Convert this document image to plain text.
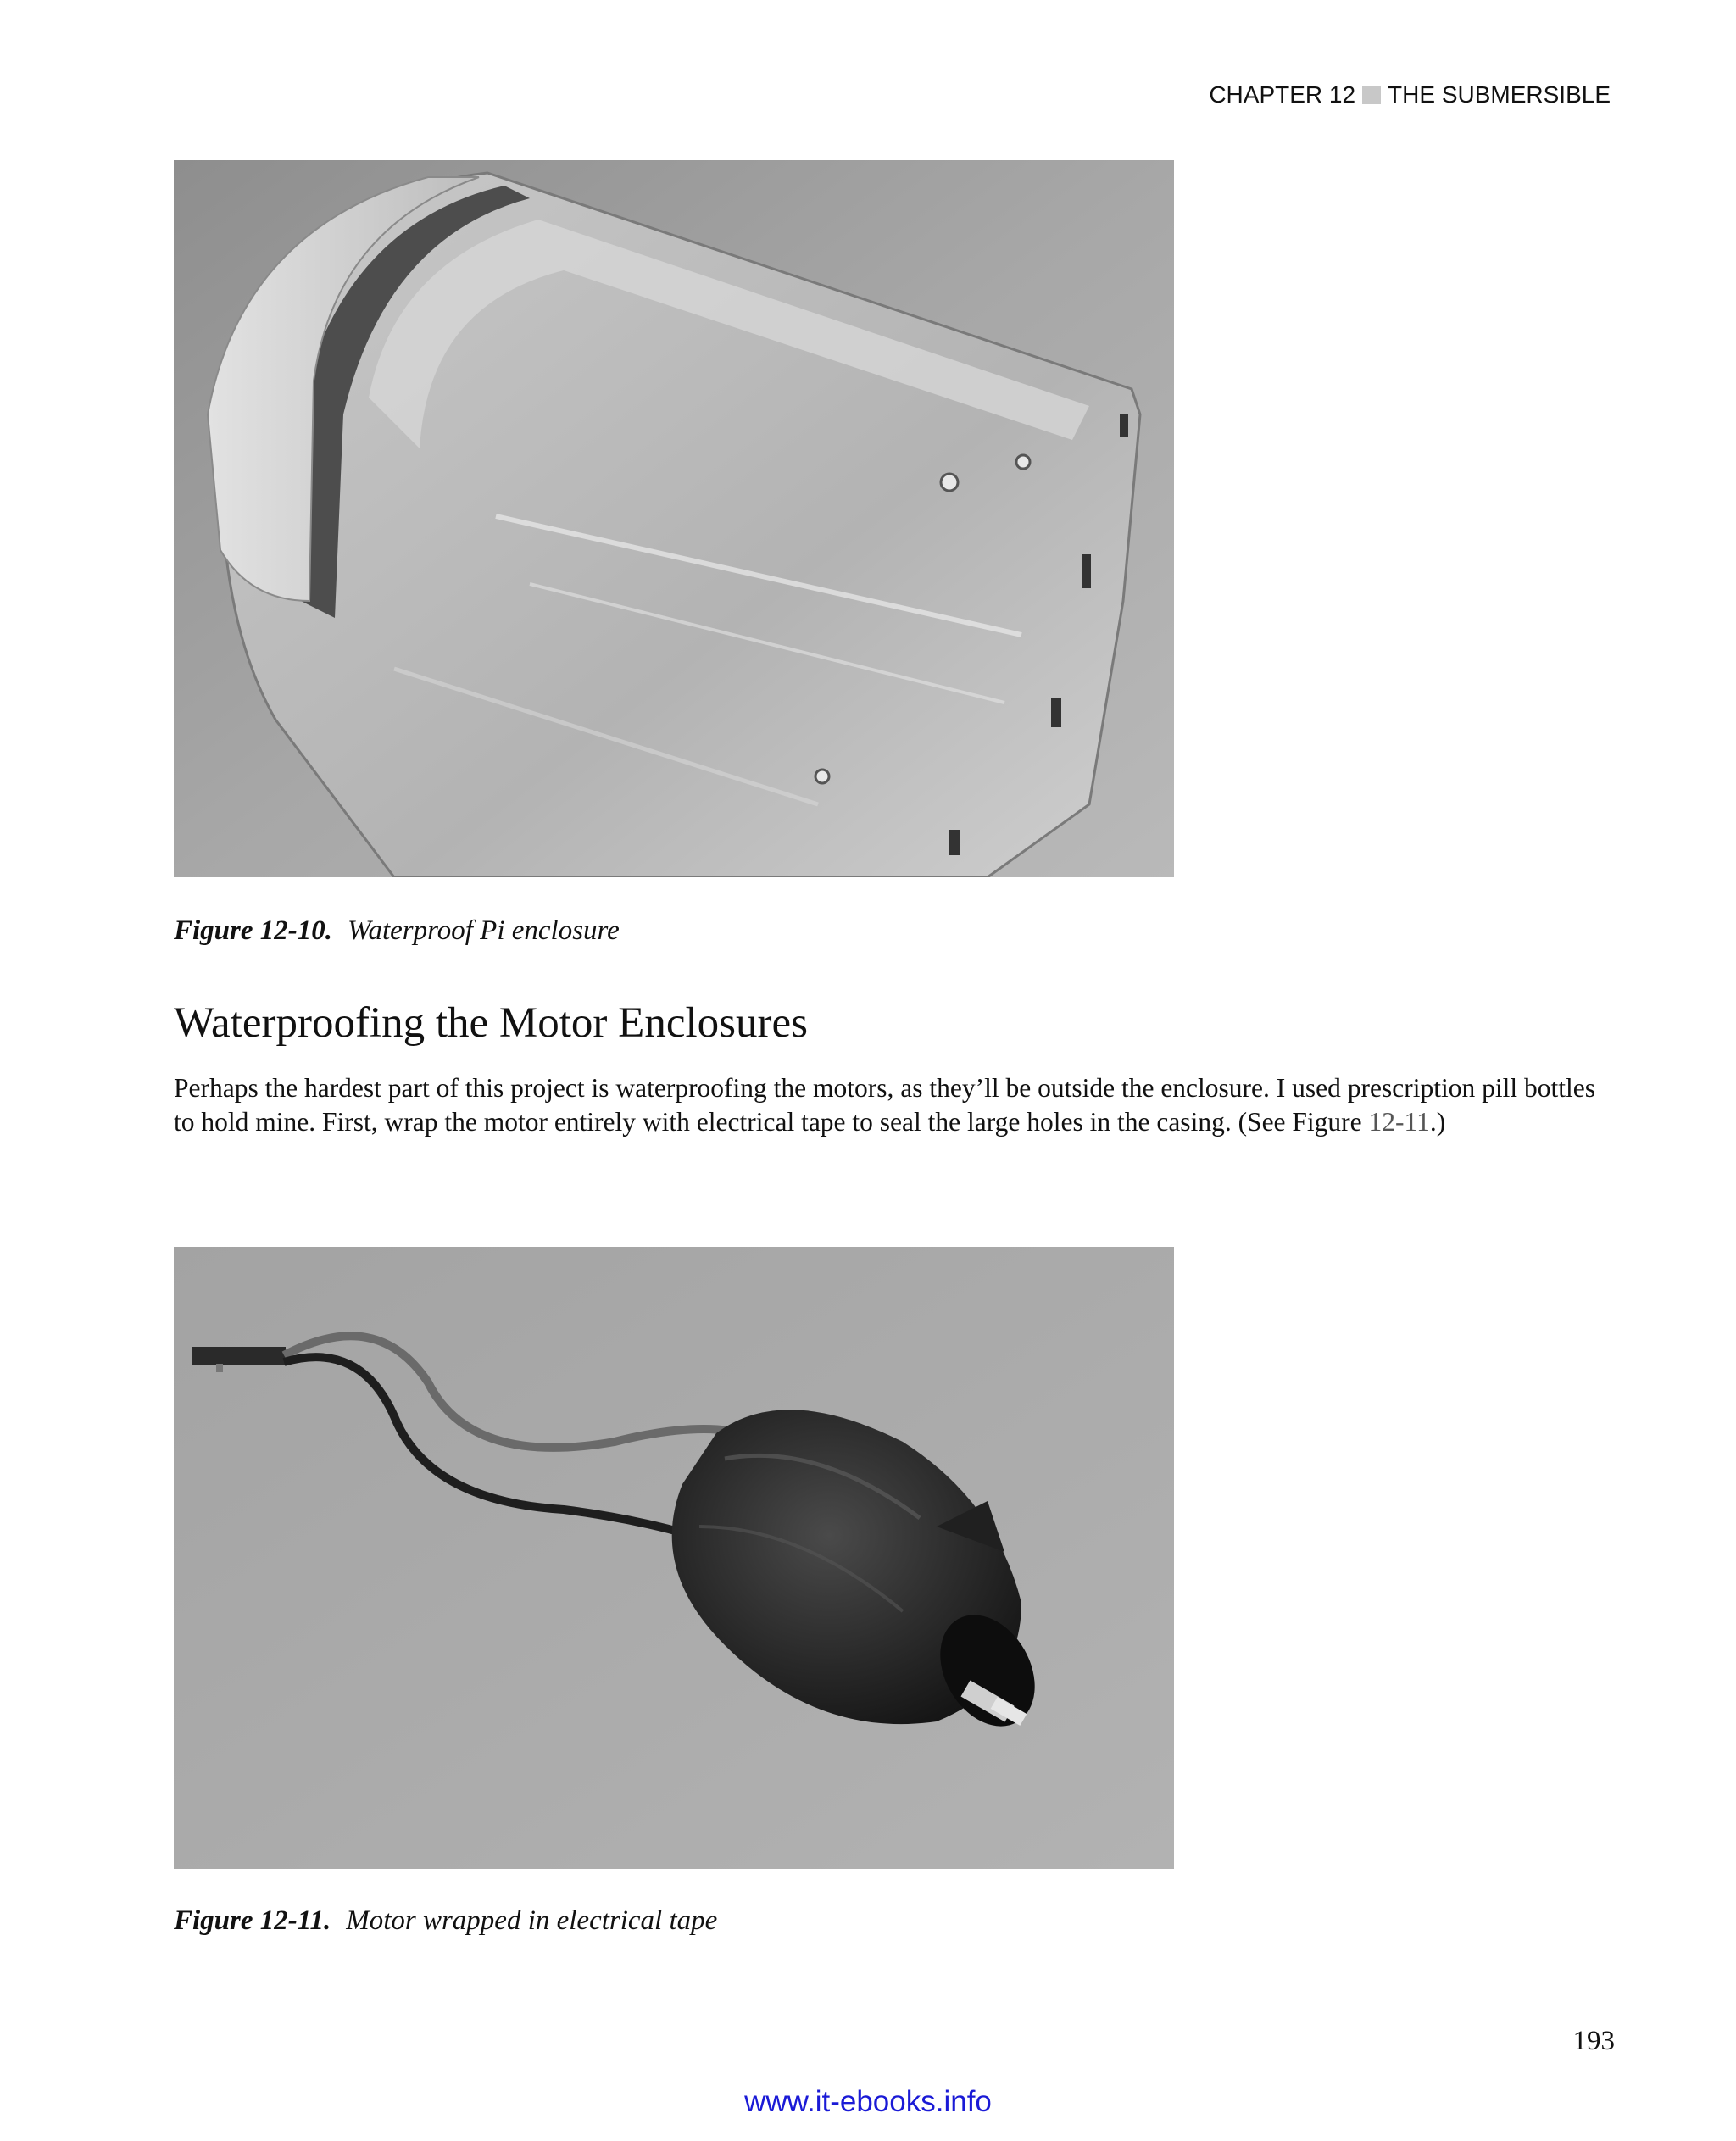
CHAPTER 12 THE SUBMERSIBLE
Figure 12-10. Waterproof Pi enclosure
Waterproofing the Motor Enclosures

Perhaps the hardest part of this project is waterproofing the motors, as they’ll be outside the enclosure. I used prescription pill bottles to hold mine. First, wrap the motor entirely with electrical tape to seal the large holes in the casing. (See Figure 12-11.)

Figure 12-11. Motor wrapped in electrical tape
193
www.it-ebooks.info
